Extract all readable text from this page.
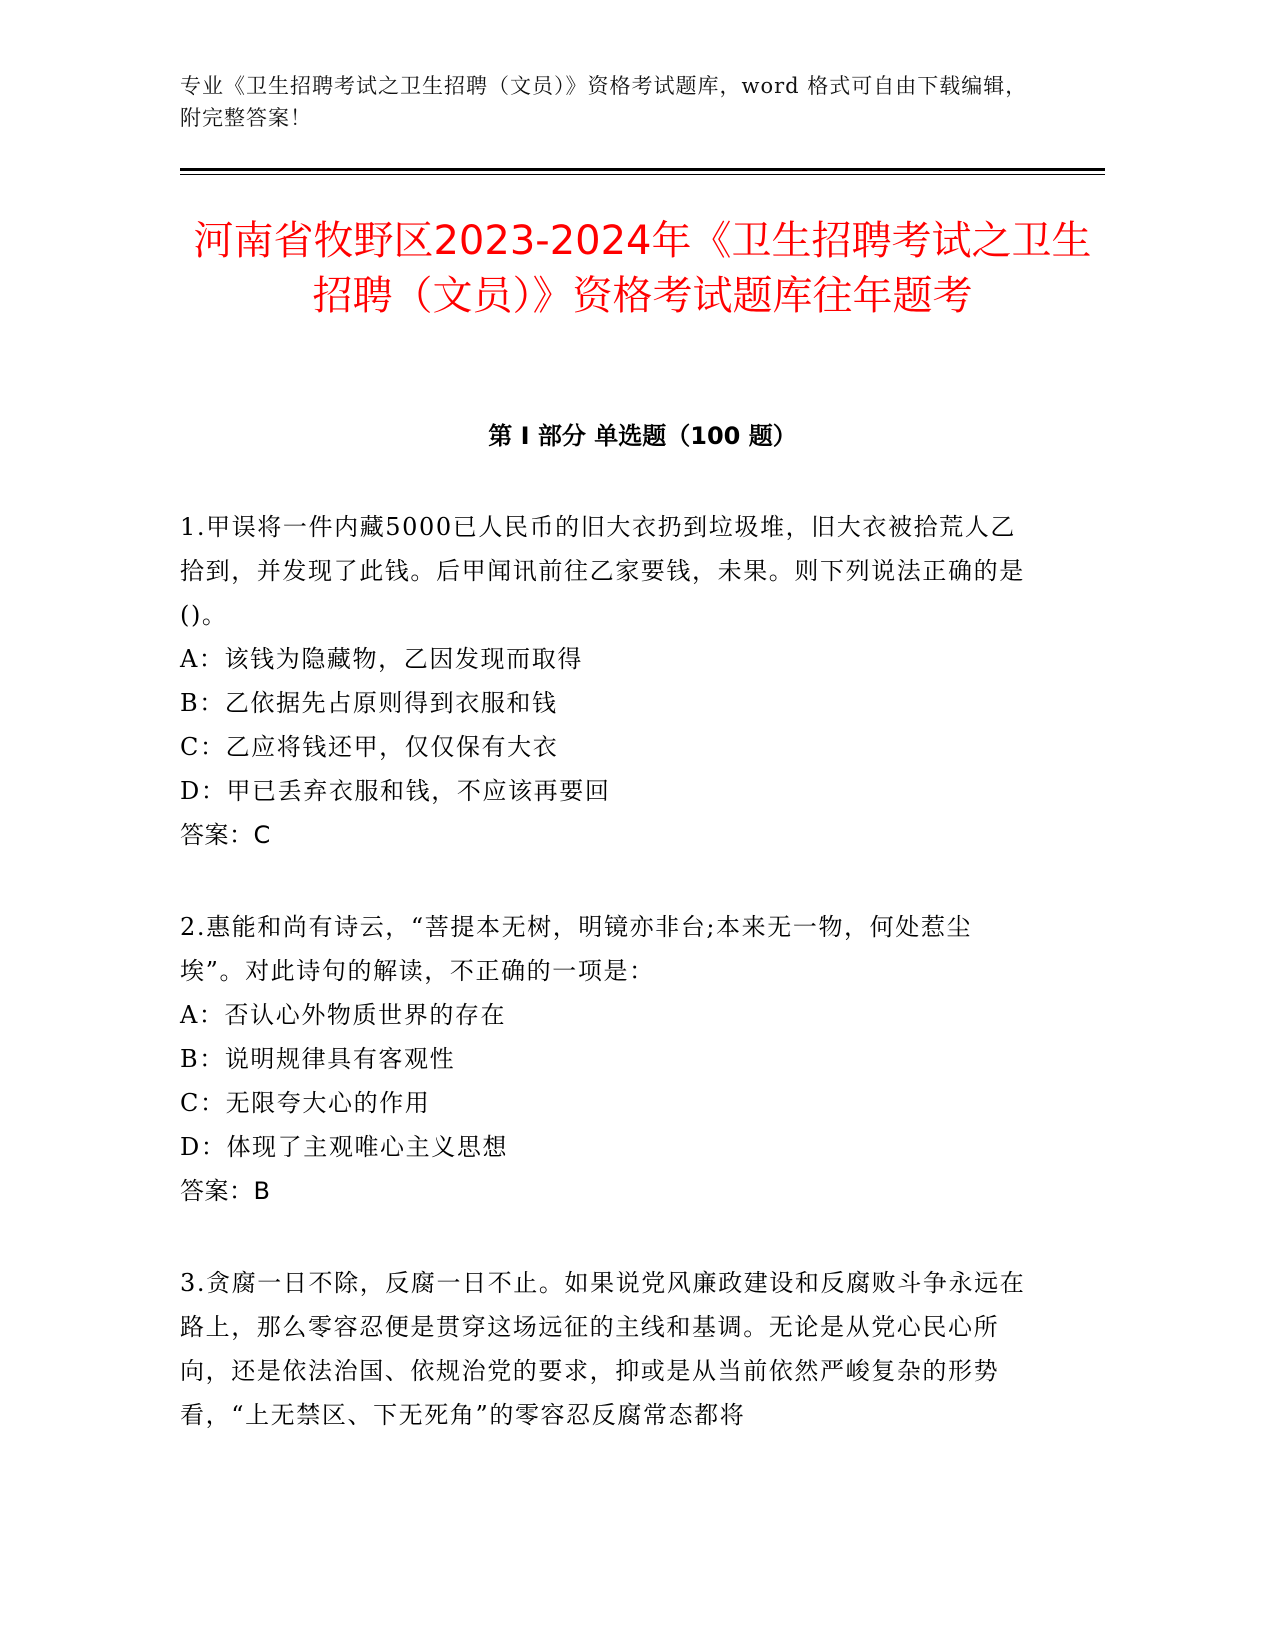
专业《卫生招聘考试之卫生招聘（文员）》资格考试题库，word 格式可自由下载编辑，附完整答案！
河南省牧野区2023-2024年《卫生招聘考试之卫生招聘（文员）》资格考试题库往年题考
第 I 部分 单选题（100 题）

1.甲误将一件内藏5000已人民币的旧大衣扔到垃圾堆，旧大衣被拾荒人乙拾到，并发现了此钱。后甲闻讯前往乙家要钱，未果。则下列说法正确的是()。

A：该钱为隐藏物，乙因发现而取得

B：乙依据先占原则得到衣服和钱

C：乙应将钱还甲，仅仅保有大衣

D：甲已丢弃衣服和钱，不应该再要回

答案：C

2.惠能和尚有诗云，“菩提本无树，明镜亦非台;本来无一物，何处惹尘埃”。对此诗句的解读，不正确的一项是：

A：否认心外物质世界的存在

B：说明规律具有客观性

C：无限夸大心的作用

D：体现了主观唯心主义思想

答案：B

3.贪腐一日不除，反腐一日不止。如果说党风廉政建设和反腐败斗争永远在路上，那么零容忍便是贯穿这场远征的主线和基调。无论是从党心民心所向，还是依法治国、依规治党的要求，抑或是从当前依然严峻复杂的形势看，“上无禁区、下无死角”的零容忍反腐常态都将
